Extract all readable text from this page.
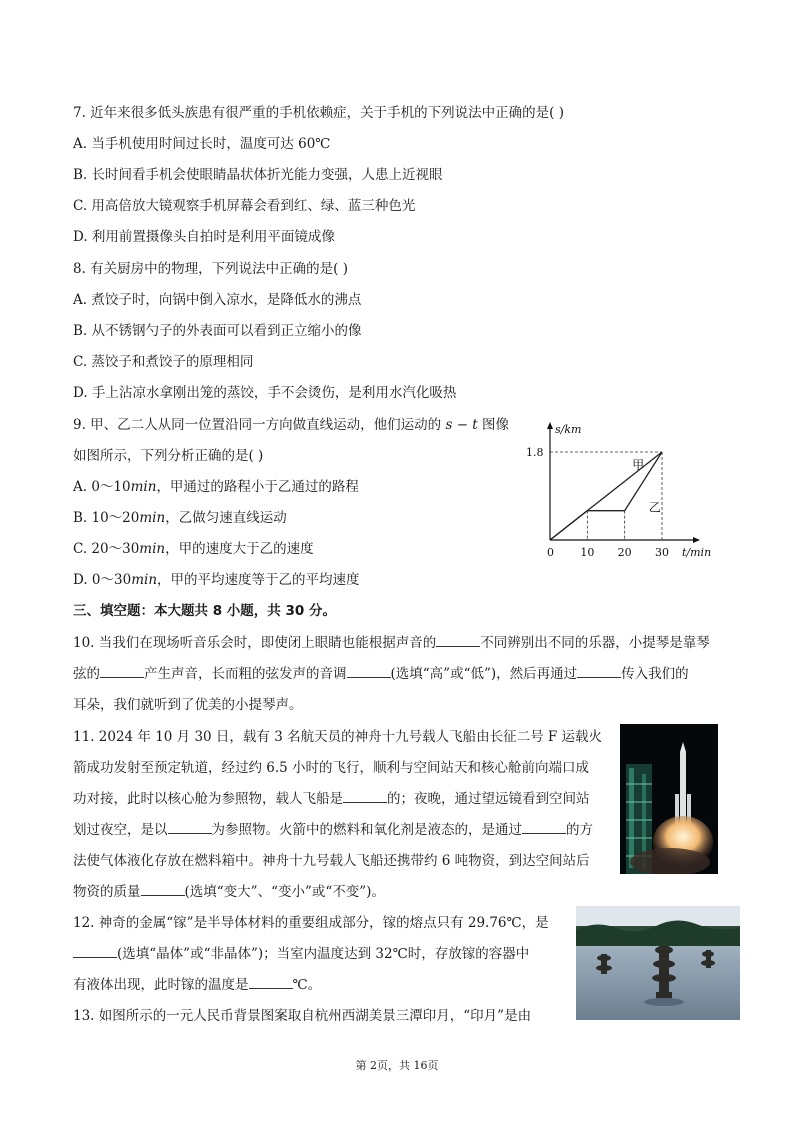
7. 近年来很多低头族患有很严重的手机依赖症，关于手机的下列说法中正确的是( )
A. 当手机使用时间过长时，温度可达 60℃
B. 长时间看手机会使眼睛晶状体折光能力变强，人患上近视眼
C. 用高倍放大镜观察手机屏幕会看到红、绿、蓝三种色光
D. 利用前置摄像头自拍时是利用平面镜成像
8. 有关厨房中的物理，下列说法中正确的是( )
A. 煮饺子时，向锅中倒入凉水，是降低水的沸点
B. 从不锈钢勺子的外表面可以看到正立缩小的像
C. 蒸饺子和煮饺子的原理相同
D. 手上沾凉水拿刚出笼的蒸饺，手不会烫伤，是利用水汽化吸热
9. 甲、乙二人从同一位置沿同一方向做直线运动，他们运动的 s − t 图像
如图所示，下列分析正确的是( )
A. 0～10min，甲通过的路程小于乙通过的路程
B. 10～20min，乙做匀速直线运动
C. 20～30min，甲的速度大于乙的速度
D. 0～30min，甲的平均速度等于乙的平均速度
s/km
t/min
0 10 20 30
1.8
甲
乙
三、填空题：本大题共 8 小题，共 30 分。
10. 当我们在现场听音乐会时，即使闭上眼睛也能根据声音的	不同辨别出不同的乐器，小提琴是靠琴
弦的	产生声音，长而粗的弦发声的音调	(选填“高”或“低”)，然后再通过	传入我们的
耳朵，我们就听到了优美的小提琴声。
11. 2024 年 10 月 30 日，载有 3 名航天员的神舟十九号载人飞船由长征二号 F 运载火
箭成功发射至预定轨道，经过约 6.5 小时的飞行，顺利与空间站天和核心舱前向端口成
功对接，此时以核心舱为参照物，载人飞船是	的；夜晚，通过望远镜看到空间站
划过夜空，是以	为参照物。火箭中的燃料和氧化剂是液态的，是通过	的方
法使气体液化存放在燃料箱中。神舟十九号载人飞船还携带约 6 吨物资，到达空间站后
物资的质量	(选填“变大”、“变小”或“不变”)。
12. 神奇的金属“镓”是半导体材料的重要组成部分，镓的熔点只有 29.76℃，是
(选填“晶体”或“非晶体”)；当室内温度达到 32℃时，存放镓的容器中
有液体出现，此时镓的温度是	℃。
13. 如图所示的一元人民币背景图案取自杭州西湖美景三潭印月，“印月”是由
第 2页，共 16页
